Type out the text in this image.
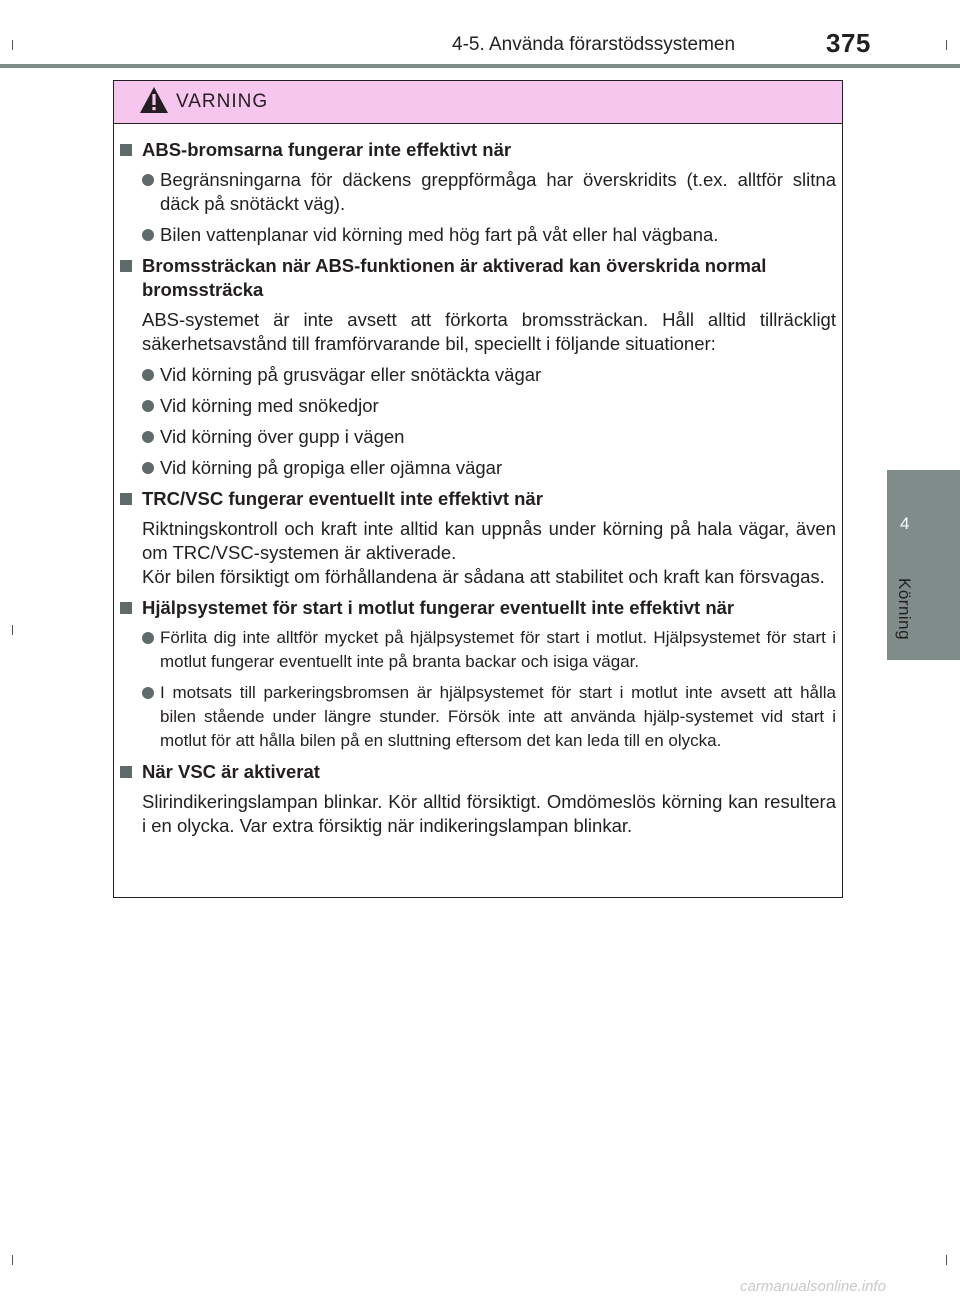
4-5. Använda förarstödssystemen	375
4
Körning
VARNING
ABS-bromsarna fungerar inte effektivt när
Begränsningarna för däckens greppförmåga har överskridits (t.ex. alltför slitna däck på snötäckt väg).
Bilen vattenplanar vid körning med hög fart på våt eller hal vägbana.
Bromssträckan när ABS-funktionen är aktiverad kan överskrida normal bromssträcka
ABS-systemet är inte avsett att förkorta bromssträckan. Håll alltid tillräckligt säkerhetsavstånd till framförvarande bil, speciellt i följande situationer:
Vid körning på grusvägar eller snötäckta vägar
Vid körning med snökedjor
Vid körning över gupp i vägen
Vid körning på gropiga eller ojämna vägar
TRC/VSC fungerar eventuellt inte effektivt när
Riktningskontroll och kraft inte alltid kan uppnås under körning på hala vägar, även om TRC/VSC-systemen är aktiverade.
Kör bilen försiktigt om förhållandena är sådana att stabilitet och kraft kan försvagas.
Hjälpsystemet för start i motlut fungerar eventuellt inte effektivt när
Förlita dig inte alltför mycket på hjälpsystemet för start i motlut. Hjälpsystemet för start i motlut fungerar eventuellt inte på branta backar och isiga vägar.
I motsats till parkeringsbromsen är hjälpsystemet för start i motlut inte avsett att hålla bilen stående under längre stunder. Försök inte att använda hjälp-systemet vid start i motlut för att hålla bilen på en sluttning eftersom det kan leda till en olycka.
När VSC är aktiverat
Slirindikeringslampan blinkar. Kör alltid försiktigt. Omdömeslös körning kan resultera i en olycka. Var extra försiktig när indikeringslampan blinkar.
carmanualsonline.info
